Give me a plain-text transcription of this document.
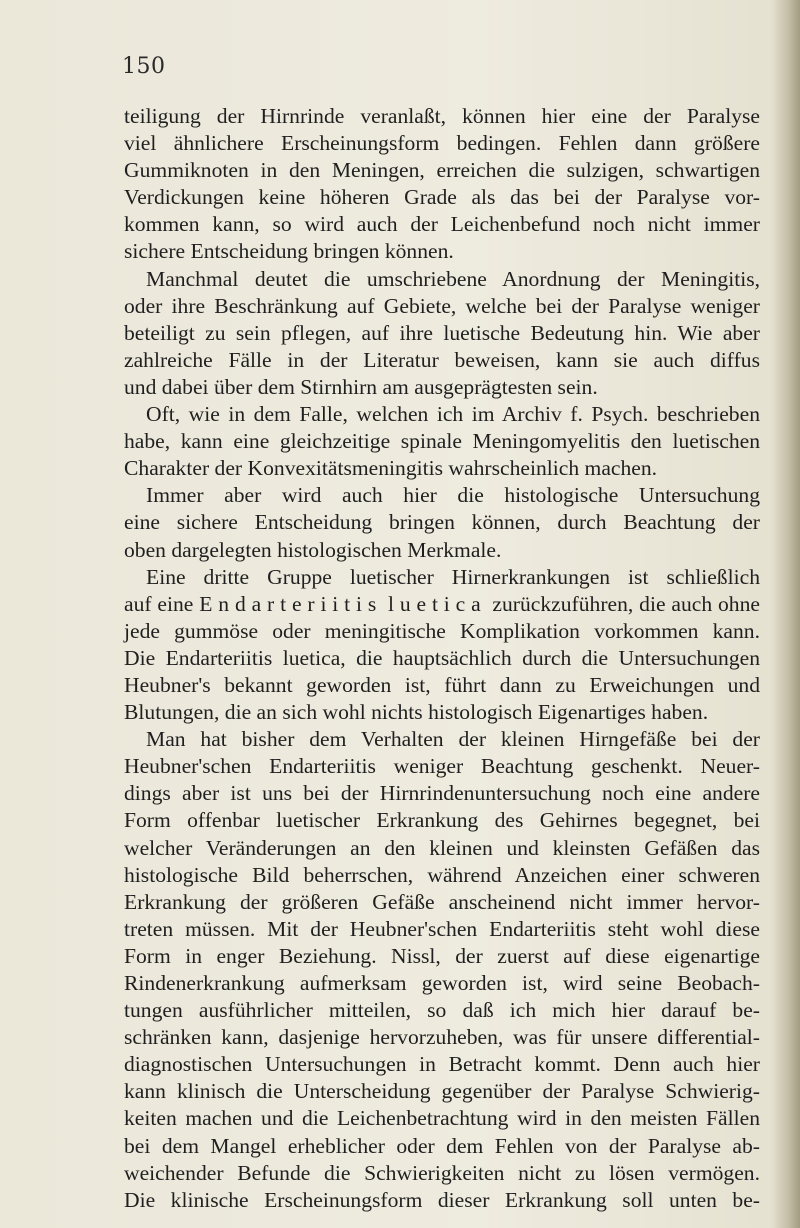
150
teiligung der Hirnrinde veranlaßt, können hier eine der Paralyse
viel ähnlichere Erscheinungsform bedingen. Fehlen dann größere
Gummiknoten in den Meningen, erreichen die sulzigen, schwartigen
Verdickungen keine höheren Grade als das bei der Paralyse vor-
kommen kann, so wird auch der Leichenbefund noch nicht immer
sichere Entscheidung bringen können.
Manchmal deutet die umschriebene Anordnung der Meningitis,
oder ihre Beschränkung auf Gebiete, welche bei der Paralyse weniger
beteiligt zu sein pflegen, auf ihre luetische Bedeutung hin. Wie aber
zahlreiche Fälle in der Literatur beweisen, kann sie auch diffus
und dabei über dem Stirnhirn am ausgeprägtesten sein.
Oft, wie in dem Falle, welchen ich im Archiv f. Psych. beschrieben
habe, kann eine gleichzeitige spinale Meningomyelitis den luetischen
Charakter der Konvexitätsmeningitis wahrscheinlich machen.
Immer aber wird auch hier die histologische Untersuchung
eine sichere Entscheidung bringen können, durch Beachtung der
oben dargelegten histologischen Merkmale.
Eine dritte Gruppe luetischer Hirnerkrankungen ist schließlich
auf eine E n d a r t e r i i t i s  l u e t i c a  zurückzuführen, die auch ohne
jede gummöse oder meningitische Komplikation vorkommen kann.
Die Endarteriitis luetica, die hauptsächlich durch die Untersuchungen
Heubner's bekannt geworden ist, führt dann zu Erweichungen und
Blutungen, die an sich wohl nichts histologisch Eigenartiges haben.
Man hat bisher dem Verhalten der kleinen Hirngefäße bei der
Heubner'schen Endarteriitis weniger Beachtung geschenkt. Neuer-
dings aber ist uns bei der Hirnrindenuntersuchung noch eine andere
Form offenbar luetischer Erkrankung des Gehirnes begegnet, bei
welcher Veränderungen an den kleinen und kleinsten Gefäßen das
histologische Bild beherrschen, während Anzeichen einer schweren
Erkrankung der größeren Gefäße anscheinend nicht immer hervor-
treten müssen. Mit der Heubner'schen Endarteriitis steht wohl diese
Form in enger Beziehung. Nissl, der zuerst auf diese eigenartige
Rindenerkrankung aufmerksam geworden ist, wird seine Beobach-
tungen ausführlicher mitteilen, so daß ich mich hier darauf be-
schränken kann, dasjenige hervorzuheben, was für unsere differential-
diagnostischen Untersuchungen in Betracht kommt. Denn auch hier
kann klinisch die Unterscheidung gegenüber der Paralyse Schwierig-
keiten machen und die Leichenbetrachtung wird in den meisten Fällen
bei dem Mangel erheblicher oder dem Fehlen von der Paralyse ab-
weichender Befunde die Schwierigkeiten nicht zu lösen vermögen.
Die klinische Erscheinungsform dieser Erkrankung soll unten be-
